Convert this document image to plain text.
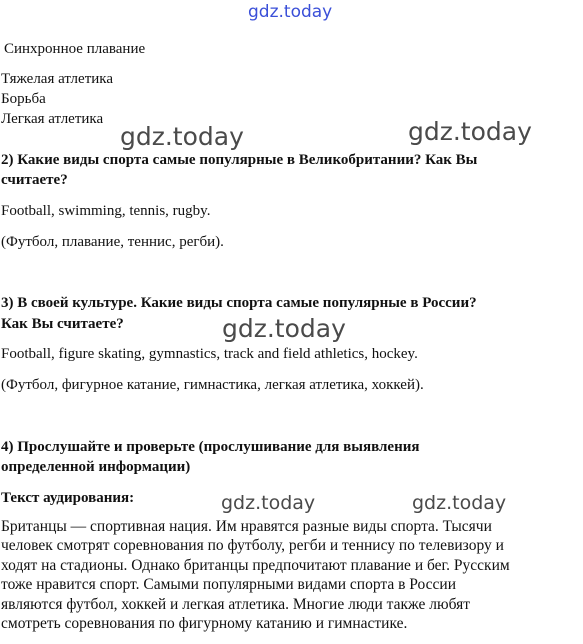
gdz.today
gdz.today	gdz.today
gdz.today
gdz.today	gdz.today
Синхронное плавание
Тяжелая атлетика
Борьба
Легкая атлетика
2) Какие виды спорта самые популярные в Великобритании? Как Вы
считаете?
Football, swimming, tennis, rugby.
(Футбол, плавание, теннис, регби).
3) В своей культуре. Какие виды спорта самые популярные в России?
Как Вы считаете?
Football, figure skating, gymnastics, track and field athletics, hockey.
(Футбол, фигурное катание, гимнастика, легкая атлетика, хоккей).
4) Прослушайте и проверьте (прослушивание для выявления
определенной информации)
Текст аудирования:
Британцы — спортивная нация. Им нравятся разные виды спорта. Тысячи
человек смотрят соревнования по футболу, регби и теннису по телевизору и
ходят на стадионы. Однако британцы предпочитают плавание и бег. Русским
тоже нравится спорт. Самыми популярными видами спорта в России
являются футбол, хоккей и легкая атлетика. Многие люди также любят
смотреть соревнования по фигурному катанию и гимнастике.
